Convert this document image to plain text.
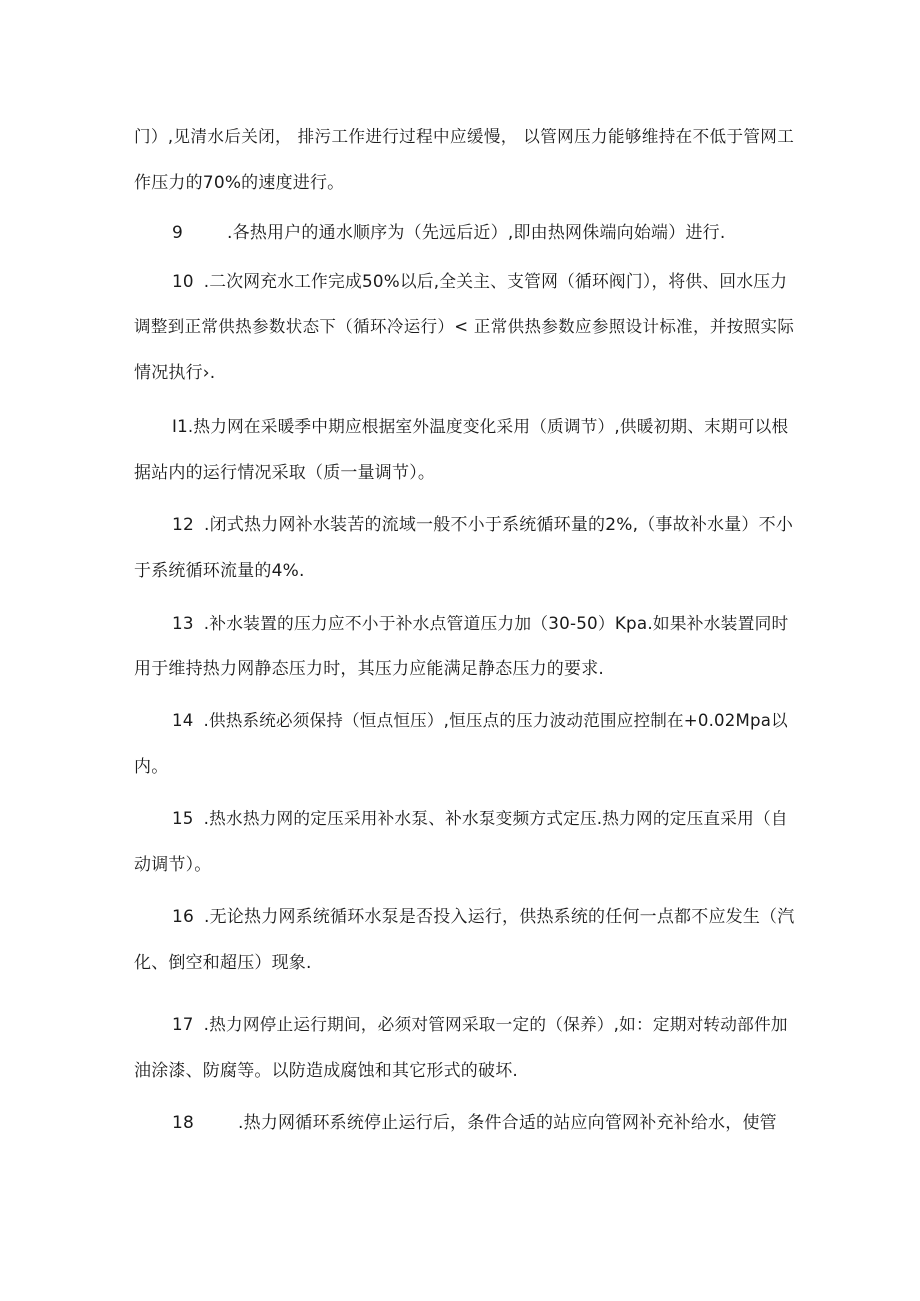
门）,见清水后关闭， 排污工作进行过程中应缓慢， 以管网压力能够维持在不低于管网工
作压力的70%的速度进行。
9	.各热用户的通水顺序为（先远后近）,即由热网侏端向始端）进行.
10 .二次网充水工作完成50%以后,全关主、支管网（循环阀门），将供、回水压力
调整到正常供热参数状态下（循环冷运行）< 正常供热参数应参照设计标准，并按照实际
情况执行›.
I1.热力网在采暖季中期应根据室外温度变化采用（质调节）,供暖初期、末期可以根
据站内的运行情况采取（质一量调节）。
12 .闭式热力网补水装苦的流域一般不小于系统循环量的2%,（事故补水量）不小
于系统循环流量的4%.
13 .补水装置的压力应不小于补水点管道压力加（30-50）Kpa.如果补水装置同时
用于维持热力网静态压力时，其压力应能满足静态压力的要求.
14 .供热系统必须保持（恒点恒压）,恒压点的压力波动范围应控制在+0.02Mpa以
内。
15 .热水热力网的定压采用补水泵、补水泵变频方式定压.热力网的定压直采用（自
动调节）。
16 .无论热力网系统循环水泵是否投入运行，供热系统的任何一点都不应发生（汽
化、倒空和超压）现象.
17 .热力网停止运行期间，必须对管网采取一定的（保养）,如：定期对转动部件加
油涂漆、防腐等。以防造成腐蚀和其它形式的破坏.
18	.热力网循环系统停止运行后，条件合适的站应向管网补充补给水，使管
